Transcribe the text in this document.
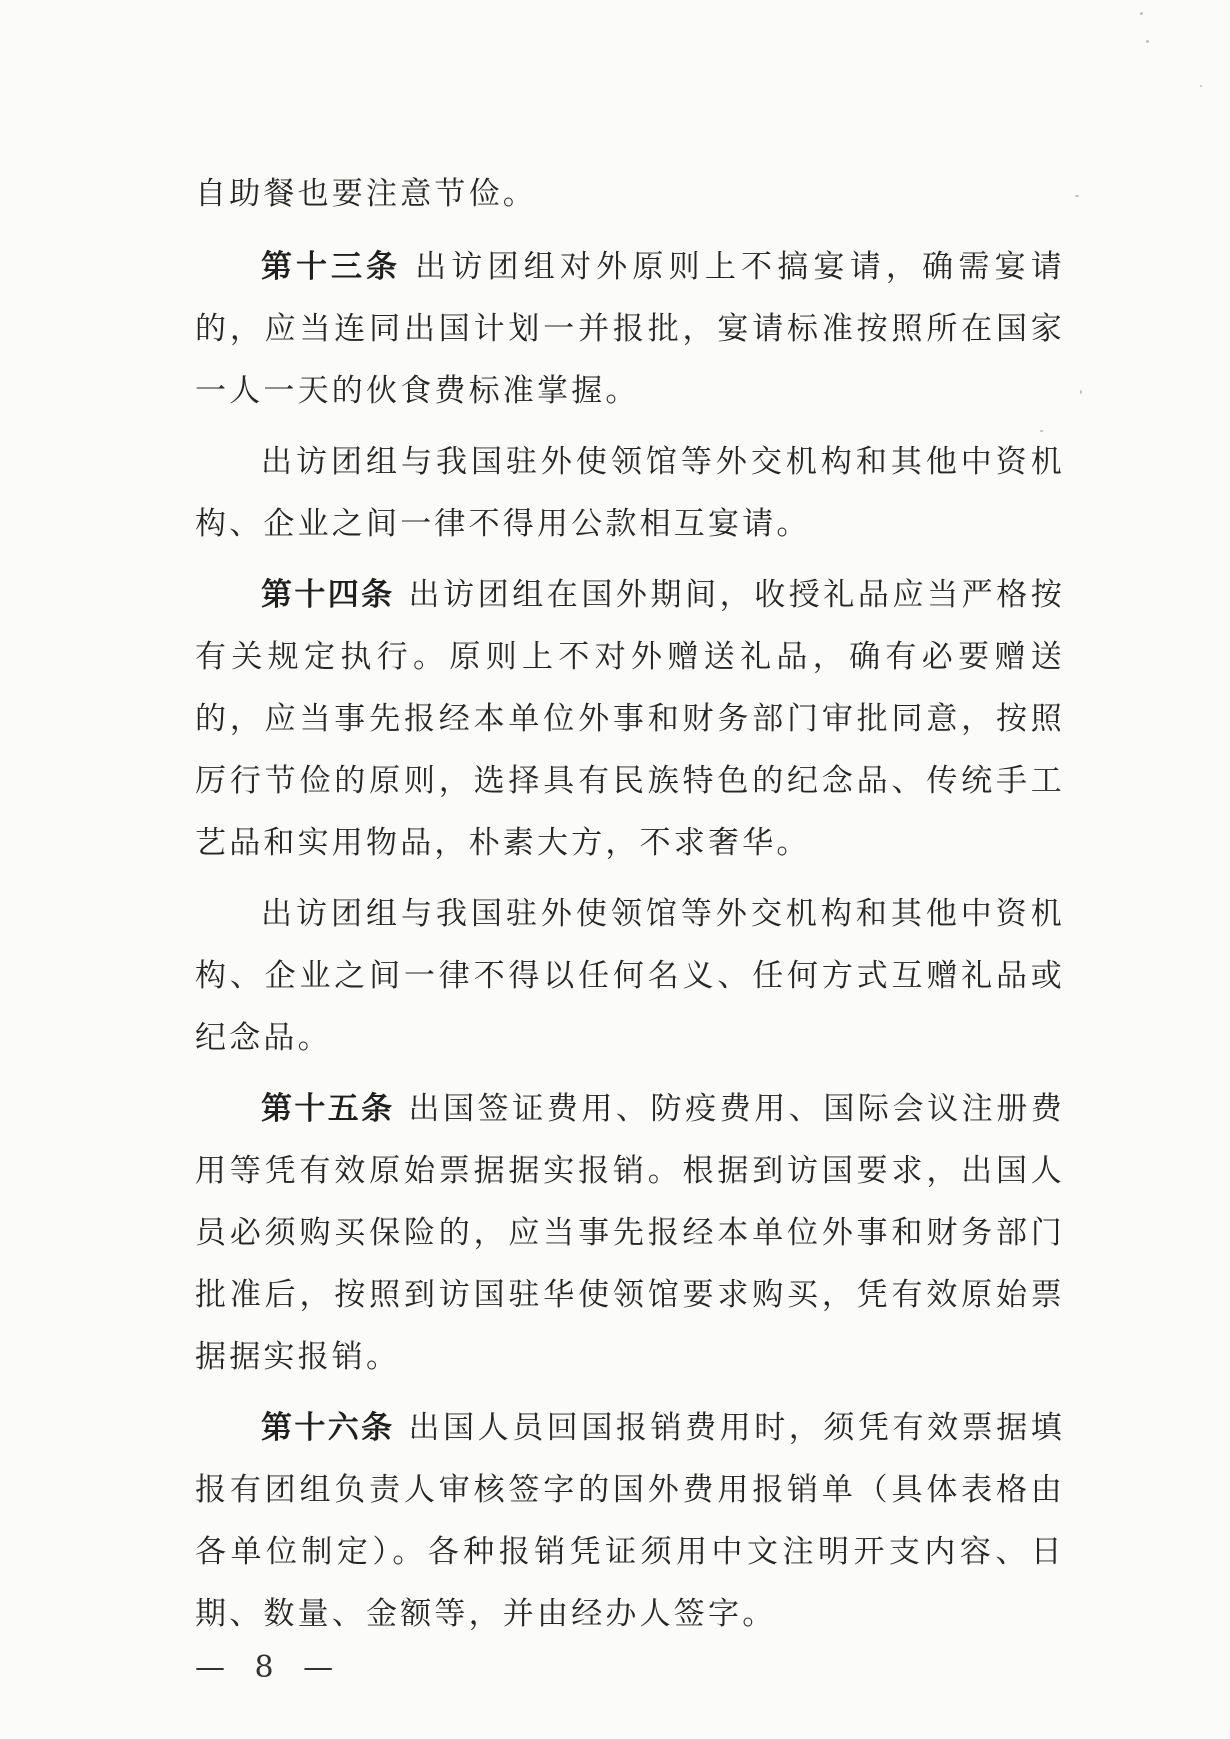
自助餐也要注意节俭。

第十三条 出访团组对外原则上不搞宴请，确需宴请的，应当连同出国计划一并报批，宴请标准按照所在国家一人一天的伙食费标准掌握。

出访团组与我国驻外使领馆等外交机构和其他中资机构、企业之间一律不得用公款相互宴请。

第十四条 出访团组在国外期间，收授礼品应当严格按有关规定执行。原则上不对外赠送礼品，确有必要赠送的，应当事先报经本单位外事和财务部门审批同意，按照厉行节俭的原则，选择具有民族特色的纪念品、传统手工艺品和实用物品，朴素大方，不求奢华。

出访团组与我国驻外使领馆等外交机构和其他中资机构、企业之间一律不得以任何名义、任何方式互赠礼品或纪念品。

第十五条 出国签证费用、防疫费用、国际会议注册费用等凭有效原始票据据实报销。根据到访国要求，出国人员必须购买保险的，应当事先报经本单位外事和财务部门批准后，按照到访国驻华使领馆要求购买，凭有效原始票据据实报销。

第十六条 出国人员回国报销费用时，须凭有效票据填报有团组负责人审核签字的国外费用报销单（具体表格由各单位制定）。各种报销凭证须用中文注明开支内容、日期、数量、金额等，并由经办人签字。

— 8 —
